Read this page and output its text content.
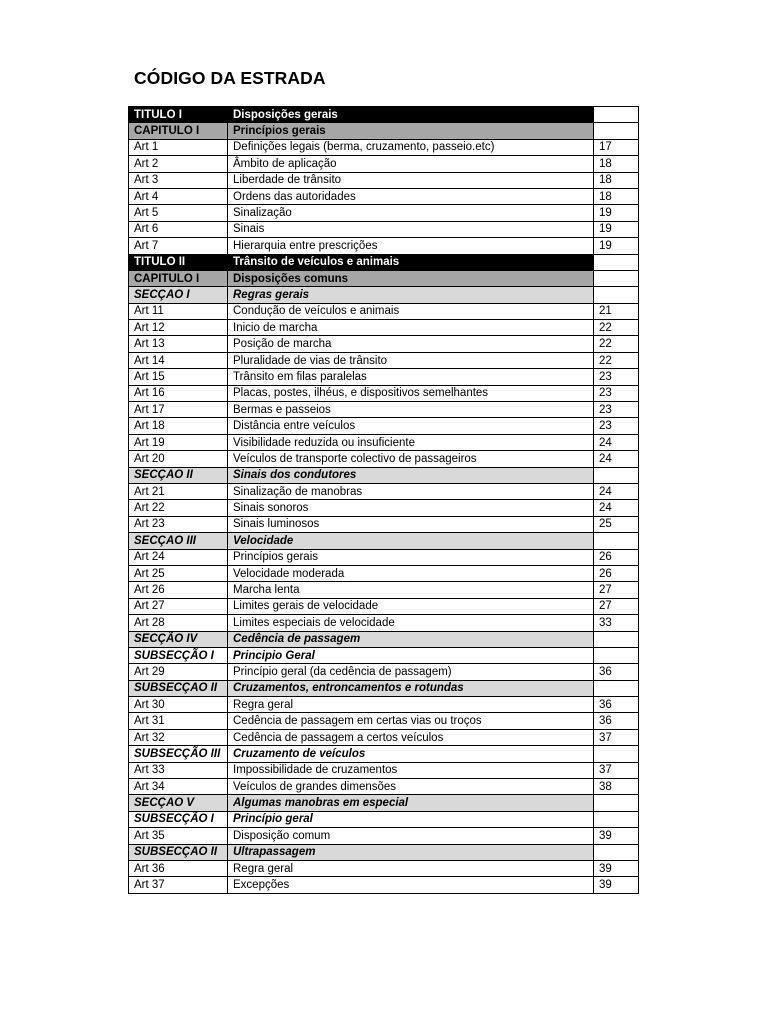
CÓDIGO DA ESTRADA
TITULO I	Disposições gerais	
CAPITULO I	Princípios gerais	
Art 1	Definições legais (berma, cruzamento, passeio.etc)	17
Art 2	Âmbito de aplicação	18
Art 3	Liberdade de trânsito	18
Art 4	Ordens das autoridades	18
Art 5	Sinalização	19
Art 6	Sinais	19
Art 7	Hierarquia entre prescrições	19
TITULO II	Trânsito de veículos e animais	
CAPITULO I	Disposições comuns	
SECÇAO I	Regras gerais	
Art 11	Condução de veículos e animais	21
Art 12	Inicio de marcha	22
Art 13	Posição de marcha	22
Art 14	Pluralidade de vias de trânsito	22
Art 15	Trânsito em filas paralelas	23
Art 16	Placas, postes, ilhéus, e dispositivos semelhantes	23
Art 17	Bermas e passeios	23
Art 18	Distância entre veículos	23
Art 19	Visibilidade reduzida ou insuficiente	24
Art 20	Veículos de transporte colectivo de passageiros	24
SECÇAO II	Sinais dos condutores	
Art 21	Sinalização de manobras	24
Art 22	Sinais sonoros	24
Art 23	Sinais luminosos	25
SECÇAO III	Velocidade	
Art 24	Princípios gerais	26
Art 25	Velocidade moderada	26
Art 26	Marcha lenta	27
Art 27	Limites gerais de velocidade	27
Art 28	Limites especiais de velocidade	33
SECÇÃO IV	Cedência de passagem	
SUBSECÇÃO I	Principio Geral	
Art 29	Princípio geral (da cedência de passagem)	36
SUBSECÇAO II	Cruzamentos, entroncamentos e rotundas	
Art 30	Regra geral	36
Art 31	Cedência de passagem em certas vias ou troços	36
Art 32	Cedência de passagem a certos veículos	37
SUBSECÇÃO III	Cruzamento de veículos	
Art 33	Impossibilidade de cruzamentos	37
Art 34	Veículos de grandes dimensões	38
SECÇAO V	Algumas manobras em especial	
SUBSECÇÃO I	Princípio geral	
Art 35	Disposição comum	39
SUBSECÇAO II	Ultrapassagem	
Art 36	Regra geral	39
Art 37	Excepções	39
